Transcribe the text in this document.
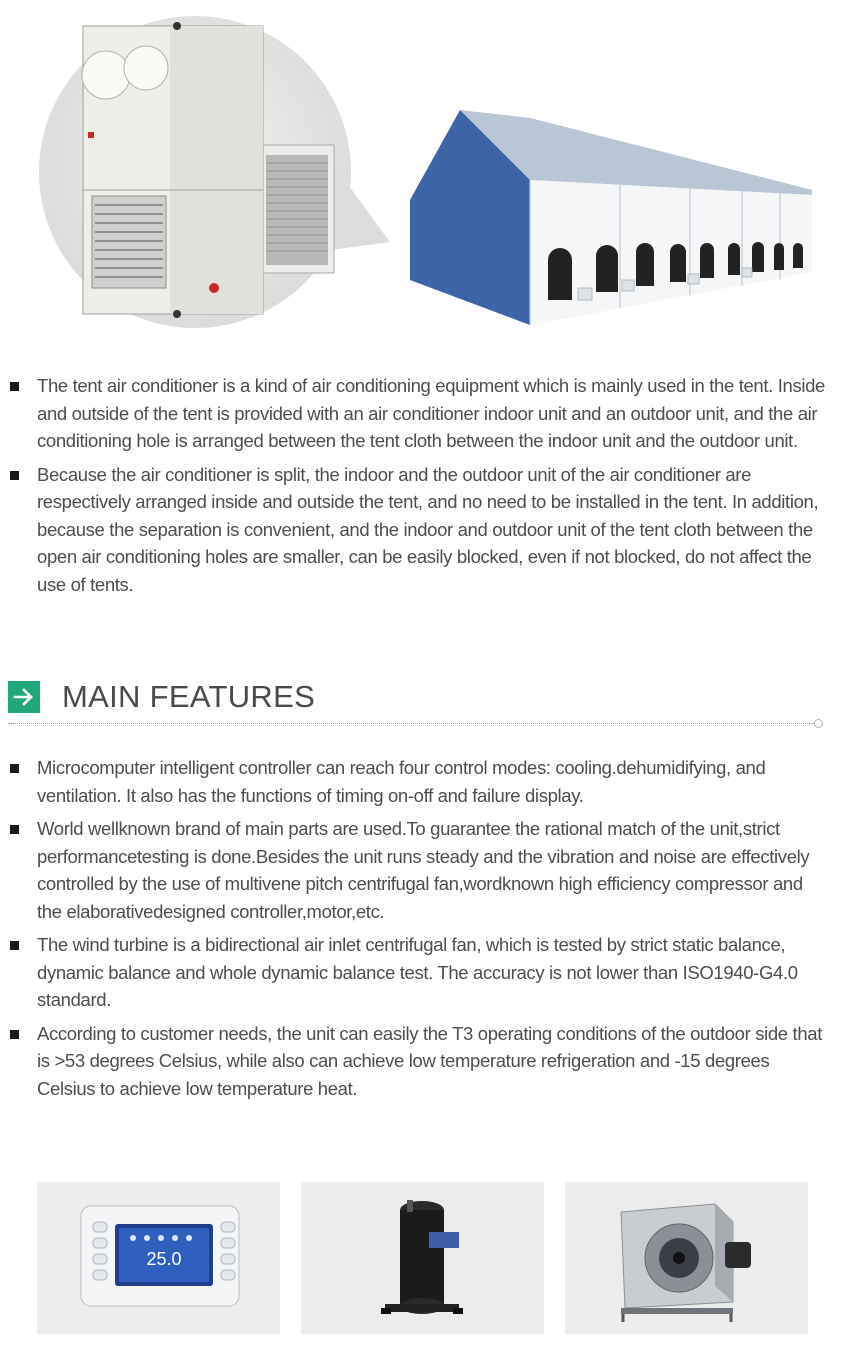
The tent air conditioner is a kind of air conditioning equipment which is mainly used in the tent. Inside and outside of the tent is provided with an air conditioner indoor unit and an outdoor unit, and the air conditioning hole is arranged between the tent cloth between the indoor unit and the outdoor unit.
Because the air conditioner is split, the indoor and the outdoor unit of the air conditioner are respectively arranged inside and outside the tent, and no need to be installed in the tent. In addition, because the separation is convenient, and the indoor and outdoor unit of the tent cloth between the open air conditioning holes are smaller, can be easily blocked, even if not blocked, do not affect the use of tents.
MAIN FEATURES
Microcomputer intelligent controller can reach four control modes: cooling.dehumidifying, and ventilation. It also has the functions of timing on-off and failure display.
World wellknown brand of main parts are used.To guarantee the rational match of the unit,strict performancetesting is done.Besides the unit runs steady and the vibration and noise are effectively controlled by the use of multivene pitch centrifugal fan,wordknown high efficiency compressor and the elaborativedesigned controller,motor,etc.
The wind turbine is a bidirectional air inlet centrifugal fan, which is tested by strict static balance, dynamic balance and whole dynamic balance test. The accuracy is not lower than ISO1940-G4.0 standard.
According to customer needs, the unit can easily the T3 operating conditions of the outdoor side that is >53 degrees Celsius, while also can achieve low temperature refrigeration and -15 degrees Celsius to achieve low temperature heat.
25.0
